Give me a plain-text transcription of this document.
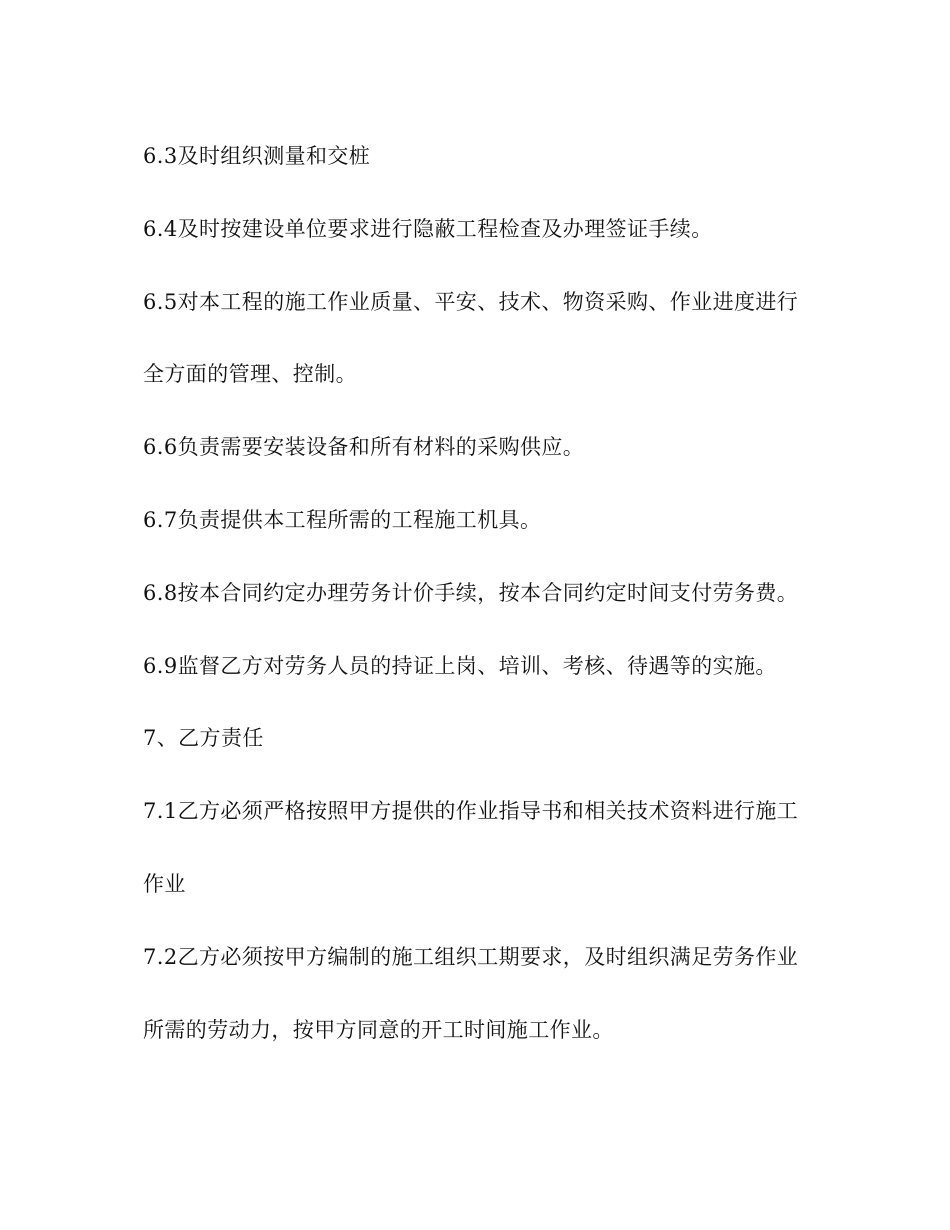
6.3及时组织测量和交桩

6.4及时按建设单位要求进行隐蔽工程检查及办理签证手续。

6.5对本工程的施工作业质量、平安、技术、物资采购、作业进度进行

全方面的管理、控制。

6.6负责需要安装设备和所有材料的采购供应。

6.7负责提供本工程所需的工程施工机具。

6.8按本合同约定办理劳务计价手续，按本合同约定时间支付劳务费。

6.9监督乙方对劳务人员的持证上岗、培训、考核、待遇等的实施。

7、乙方责任

7.1乙方必须严格按照甲方提供的作业指导书和相关技术资料进行施工

作业

7.2乙方必须按甲方编制的施工组织工期要求，及时组织满足劳务作业

所需的劳动力，按甲方同意的开工时间施工作业。
